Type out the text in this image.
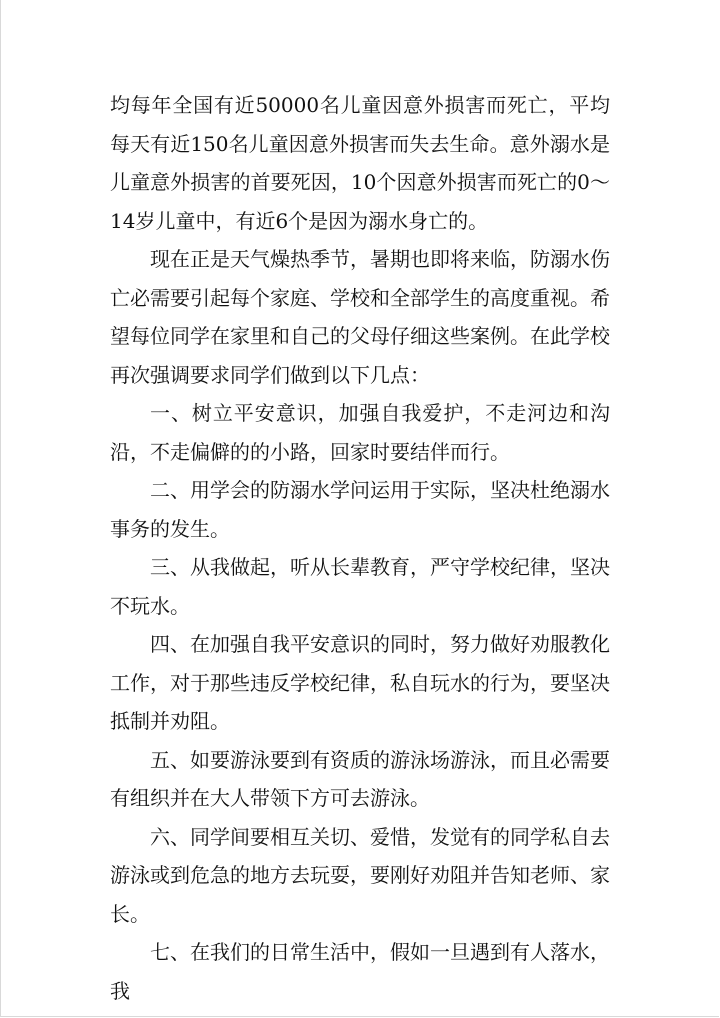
均每年全国有近50000名儿童因意外损害而死亡，平均每天有近150名儿童因意外损害而失去生命。意外溺水是儿童意外损害的首要死因，10个因意外损害而死亡的0～14岁儿童中，有近6个是因为溺水身亡的。

现在正是天气燥热季节，暑期也即将来临，防溺水伤亡必需要引起每个家庭、学校和全部学生的高度重视。希望每位同学在家里和自己的父母仔细这些案例。在此学校再次强调要求同学们做到以下几点：

一、树立平安意识，加强自我爱护，不走河边和沟沿，不走偏僻的的小路，回家时要结伴而行。

二、用学会的防溺水学问运用于实际，坚决杜绝溺水事务的发生。

三、从我做起，听从长辈教育，严守学校纪律，坚决不玩水。

四、在加强自我平安意识的同时，努力做好劝服教化工作，对于那些违反学校纪律，私自玩水的行为，要坚决抵制并劝阻。

五、如要游泳要到有资质的游泳场游泳，而且必需要有组织并在大人带领下方可去游泳。

六、同学间要相互关切、爱惜，发觉有的同学私自去游泳或到危急的地方去玩耍，要刚好劝阻并告知老师、家长。

七、在我们的日常生活中，假如一旦遇到有人落水，我
